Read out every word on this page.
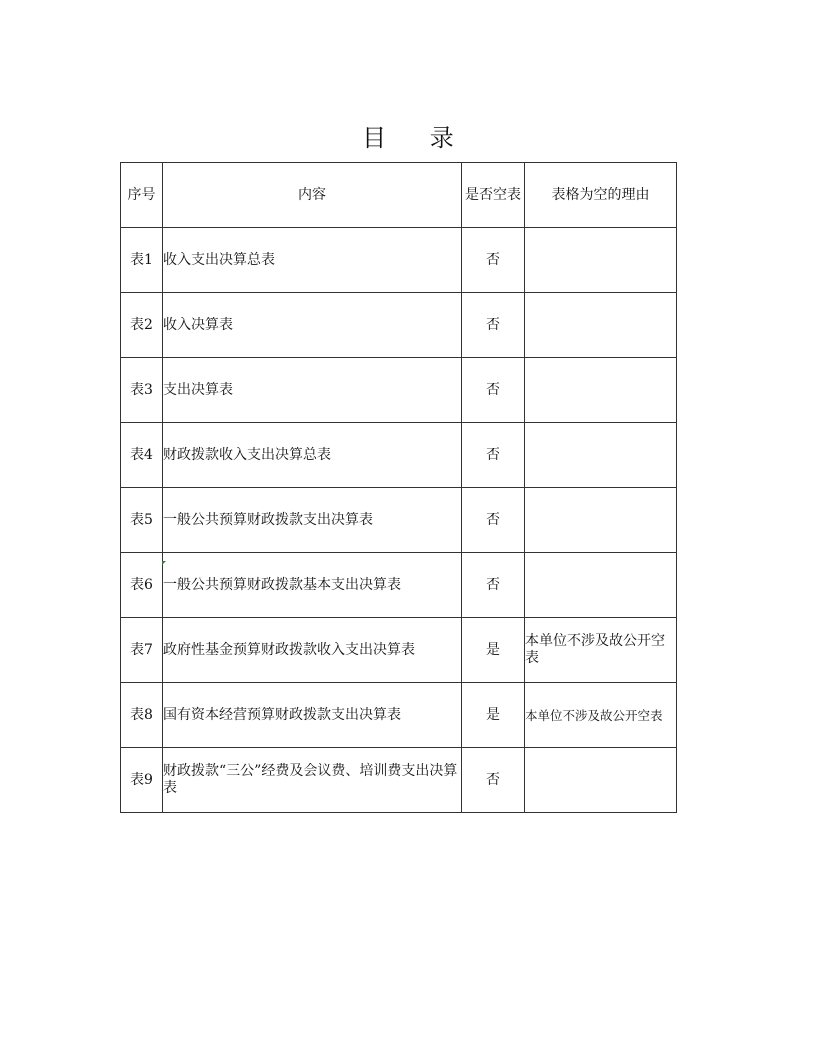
目 录
序号	内容	是否空表	表格为空的理由
表1	收入支出决算总表	否	
表2	收入决算表	否	
表3	支出决算表	否	
表4	财政拨款收入支出决算总表	否	
表5	一般公共预算财政拨款支出决算表	否	
表6	一般公共预算财政拨款基本支出决算表	否	
表7	政府性基金预算财政拨款收入支出决算表	是	本单位不涉及故公开空表
表8	国有资本经营预算财政拨款支出决算表	是	本单位不涉及故公开空表
表9	财政拨款“三公”经费及会议费、培训费支出决算表	否	
